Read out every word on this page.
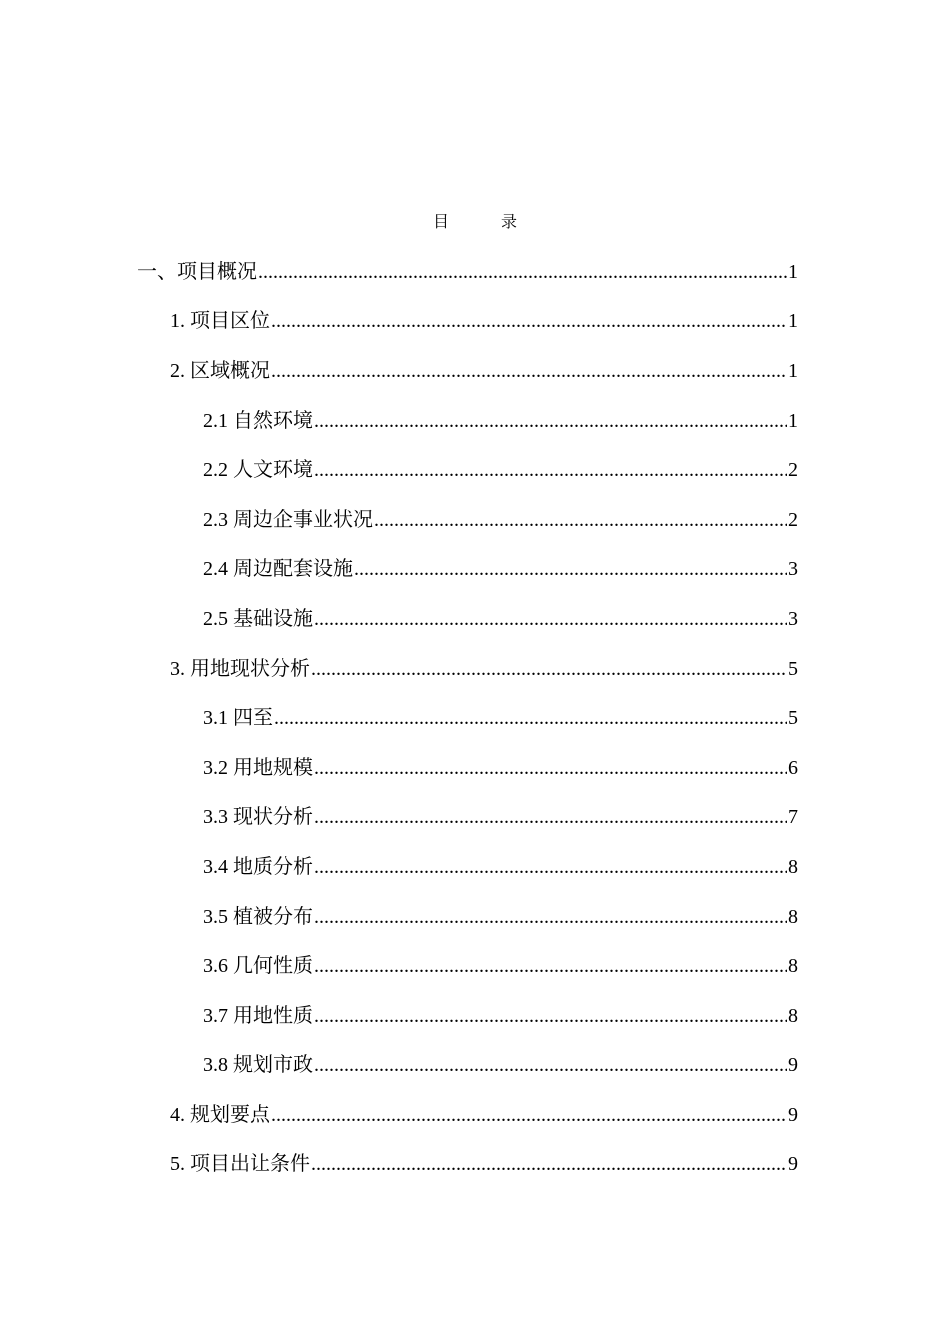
目　录
一、项目概况 .....	1
1. 项目区位 .....	1
2. 区域概况 .....	1
2.1 自然环境 .....	1
2.2 人文环境 .....	2
2.3 周边企事业状况 .....	2
2.4 周边配套设施 .....	3
2.5 基础设施 .....	3
3. 用地现状分析 .....	5
3.1 四至 .....	5
3.2 用地规模 .....	6
3.3 现状分析 .....	7
3.4 地质分析 .....	8
3.5 植被分布 .....	8
3.6 几何性质 .....	8
3.7 用地性质 .....	8
3.8 规划市政 .....	9
4. 规划要点 .....	9
5. 项目出让条件 .....	9
